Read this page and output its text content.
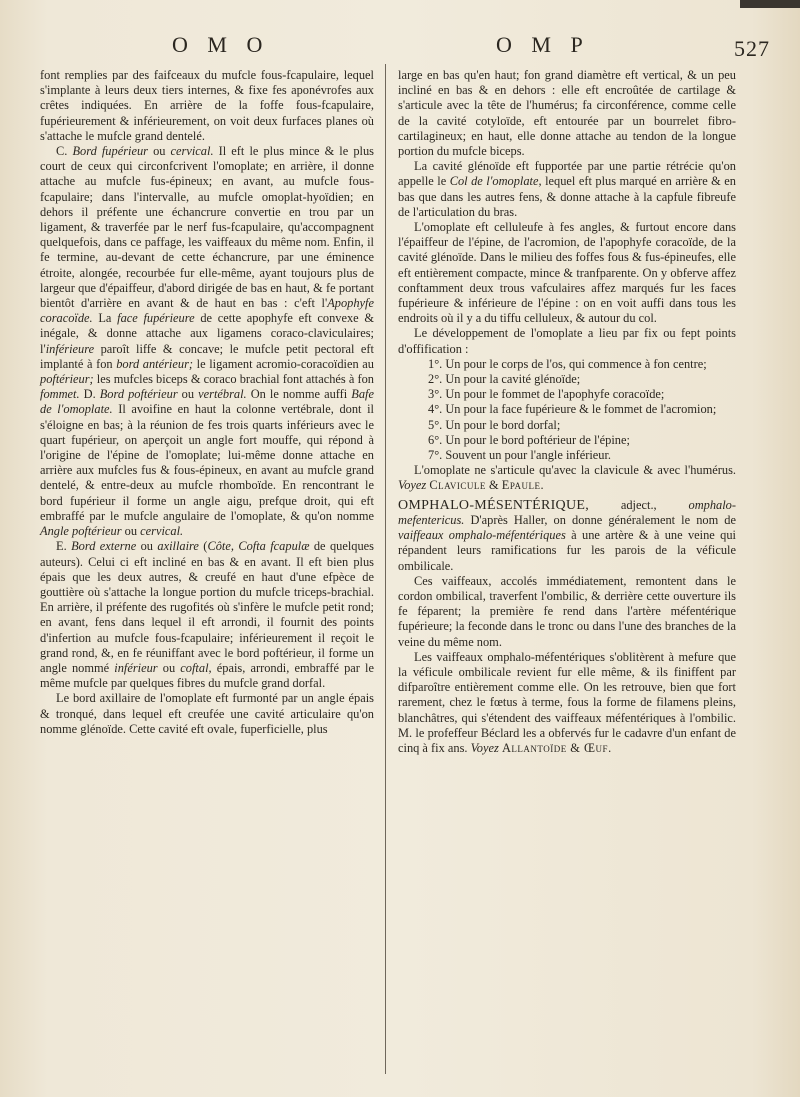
O M O	O M P	527

font remplies par des faifceaux du mufcle fous-fcapulaire, lequel s'implante à leurs deux tiers internes, & fixe fes aponévrofes aux crêtes indiquées. En arrière de la foffe fous-fcapulaire, fupérieurement & inférieurement, on voit deux furfaces planes où s'attache le mufcle grand dentelé.

C. Bord fupérieur ou cervical. Il eft le plus mince & le plus court de ceux qui circonfcrivent l'omoplate; en arrière, il donne attache au mufcle fus-épineux; en avant, au mufcle fous-fcapulaire; dans l'intervalle, au mufcle omoplat-hyoïdien; en dehors il préfente une échancrure convertie en trou par un ligament, & traverfée par le nerf fus-fcapulaire, qu'accompagnent quelquefois, dans ce paffage, les vaiffeaux du même nom. Enfin, il fe termine, au-devant de cette échancrure, par une éminence étroite, alongée, recourbée fur elle-même, ayant toujours plus de largeur que d'épaiffeur, d'abord dirigée de bas en haut, & fe portant bientôt d'arrière en avant & de haut en bas : c'eft l'Apophyfe coracoïde. La face fupérieure de cette apophyfe eft convexe & inégale, & donne attache aux ligamens coraco-claviculaires; l'inférieure paroît liffe & concave; le mufcle petit pectoral eft implanté à fon bord antérieur; le ligament acromio-coracoïdien au poftérieur; les mufcles biceps & coraco brachial font attachés à fon fommet. D. Bord poftérieur ou vertébral. On le nomme auffi Bafe de l'omoplate. Il avoifine en haut la colonne vertébrale, dont il s'éloigne en bas; à la réunion de fes trois quarts inférieurs avec le quart fupérieur, on aperçoit un angle fort mouffe, qui répond à l'origine de l'épine de l'omoplate; lui-même donne attache en arrière aux mufcles fus & fous-épineux, en avant au mufcle grand dentelé, & entre-deux au mufcle rhomboïde. En rencontrant le bord fupérieur il forme un angle aigu, prefque droit, qui eft embraffé par le mufcle angulaire de l'omoplate, & qu'on nomme Angle poftérieur ou cervical.

E. Bord externe ou axillaire (Côte, Cofta fcapulæ de quelques auteurs). Celui ci eft incliné en bas & en avant. Il eft bien plus épais que les deux autres, & creufé en haut d'une efpèce de gouttière où s'attache la longue portion du mufcle triceps-brachial. En arrière, il préfente des rugofités où s'infère le mufcle petit rond; en avant, fens dans lequel il eft arrondi, il fournit des points d'infertion au mufcle fous-fcapulaire; inférieurement il reçoit le grand rond, &, en fe réuniffant avec le bord poftérieur, il forme un angle nommé inférieur ou coftal, épais, arrondi, embraffé par le même mufcle par quelques fibres du mufcle grand dorfal.

Le bord axillaire de l'omoplate eft furmonté par un angle épais & tronqué, dans lequel eft creufée une cavité articulaire qu'on nomme glénoïde. Cette cavité eft ovale, fuperficielle, plus

large en bas qu'en haut; fon grand diamètre eft vertical, & un peu incliné en bas & en dehors : elle eft encroûtée de cartilage & s'articule avec la tête de l'humérus; fa circonférence, comme celle de la cavité cotyloïde, eft entourée par un bourrelet fibro-cartilagineux; en haut, elle donne attache au tendon de la longue portion du mufcle biceps.

La cavité glénoïde eft fupportée par une partie rétrécie qu'on appelle le Col de l'omoplate, lequel eft plus marqué en arrière & en bas que dans les autres fens, & donne attache à la capfule fibreufe de l'articulation du bras.

L'omoplate eft celluleufe à fes angles, & furtout encore dans l'épaiffeur de l'épine, de l'acromion, de l'apophyfe coracoïde, de la cavité glénoïde. Dans le milieu des foffes fous & fus-épineufes, elle eft entièrement compacte, mince & tranfparente. On y obferve affez conftamment deux trous vafculaires affez marqués fur les faces fupérieure & inférieure de l'épine : on en voit auffi dans tous les endroits où il y a du tiffu celluleux, & autour du col.

Le développement de l'omoplate a lieu par fix ou fept points d'offification :

1°. Un pour le corps de l'os, qui commence à fon centre;

2°. Un pour la cavité glénoïde;

3°. Un pour le fommet de l'apophyfe coracoïde;

4°. Un pour la face fupérieure & le fommet de l'acromion;

5°. Un pour le bord dorfal;

6°. Un pour le bord poftérieur de l'épine;

7°. Souvent un pour l'angle inférieur.

L'omoplate ne s'articule qu'avec la clavicule & avec l'humérus. Voyez Clavicule & Epaule.

OMPHALO-MÉSENTÉRIQUE, adject., omphalo-mefentericus. D'après Haller, on donne généralement le nom de vaiffeaux omphalo-méfentériques à une artère & à une veine qui répandent leurs ramifications fur les parois de la véficule ombilicale.

Ces vaiffeaux, accolés immédiatement, remontent dans le cordon ombilical, traverfent l'ombilic, & derrière cette ouverture ils fe féparent; la première fe rend dans l'artère méfentérique fupérieure; la feconde dans le tronc ou dans l'une des branches de la veine du même nom.

Les vaiffeaux omphalo-méfentériques s'oblitèrent à mefure que la véficule ombilicale revient fur elle même, & ils finiffent par difparoître entièrement comme elle. On les retrouve, bien que fort rarement, chez le fœtus à terme, fous la forme de filamens pleins, blanchâtres, qui s'étendent des vaiffeaux méfentériques à l'ombilic. M. le profeffeur Béclard les a obfervés fur le cadavre d'un enfant de cinq à fix ans. Voyez Allantoïde & Œuf.
